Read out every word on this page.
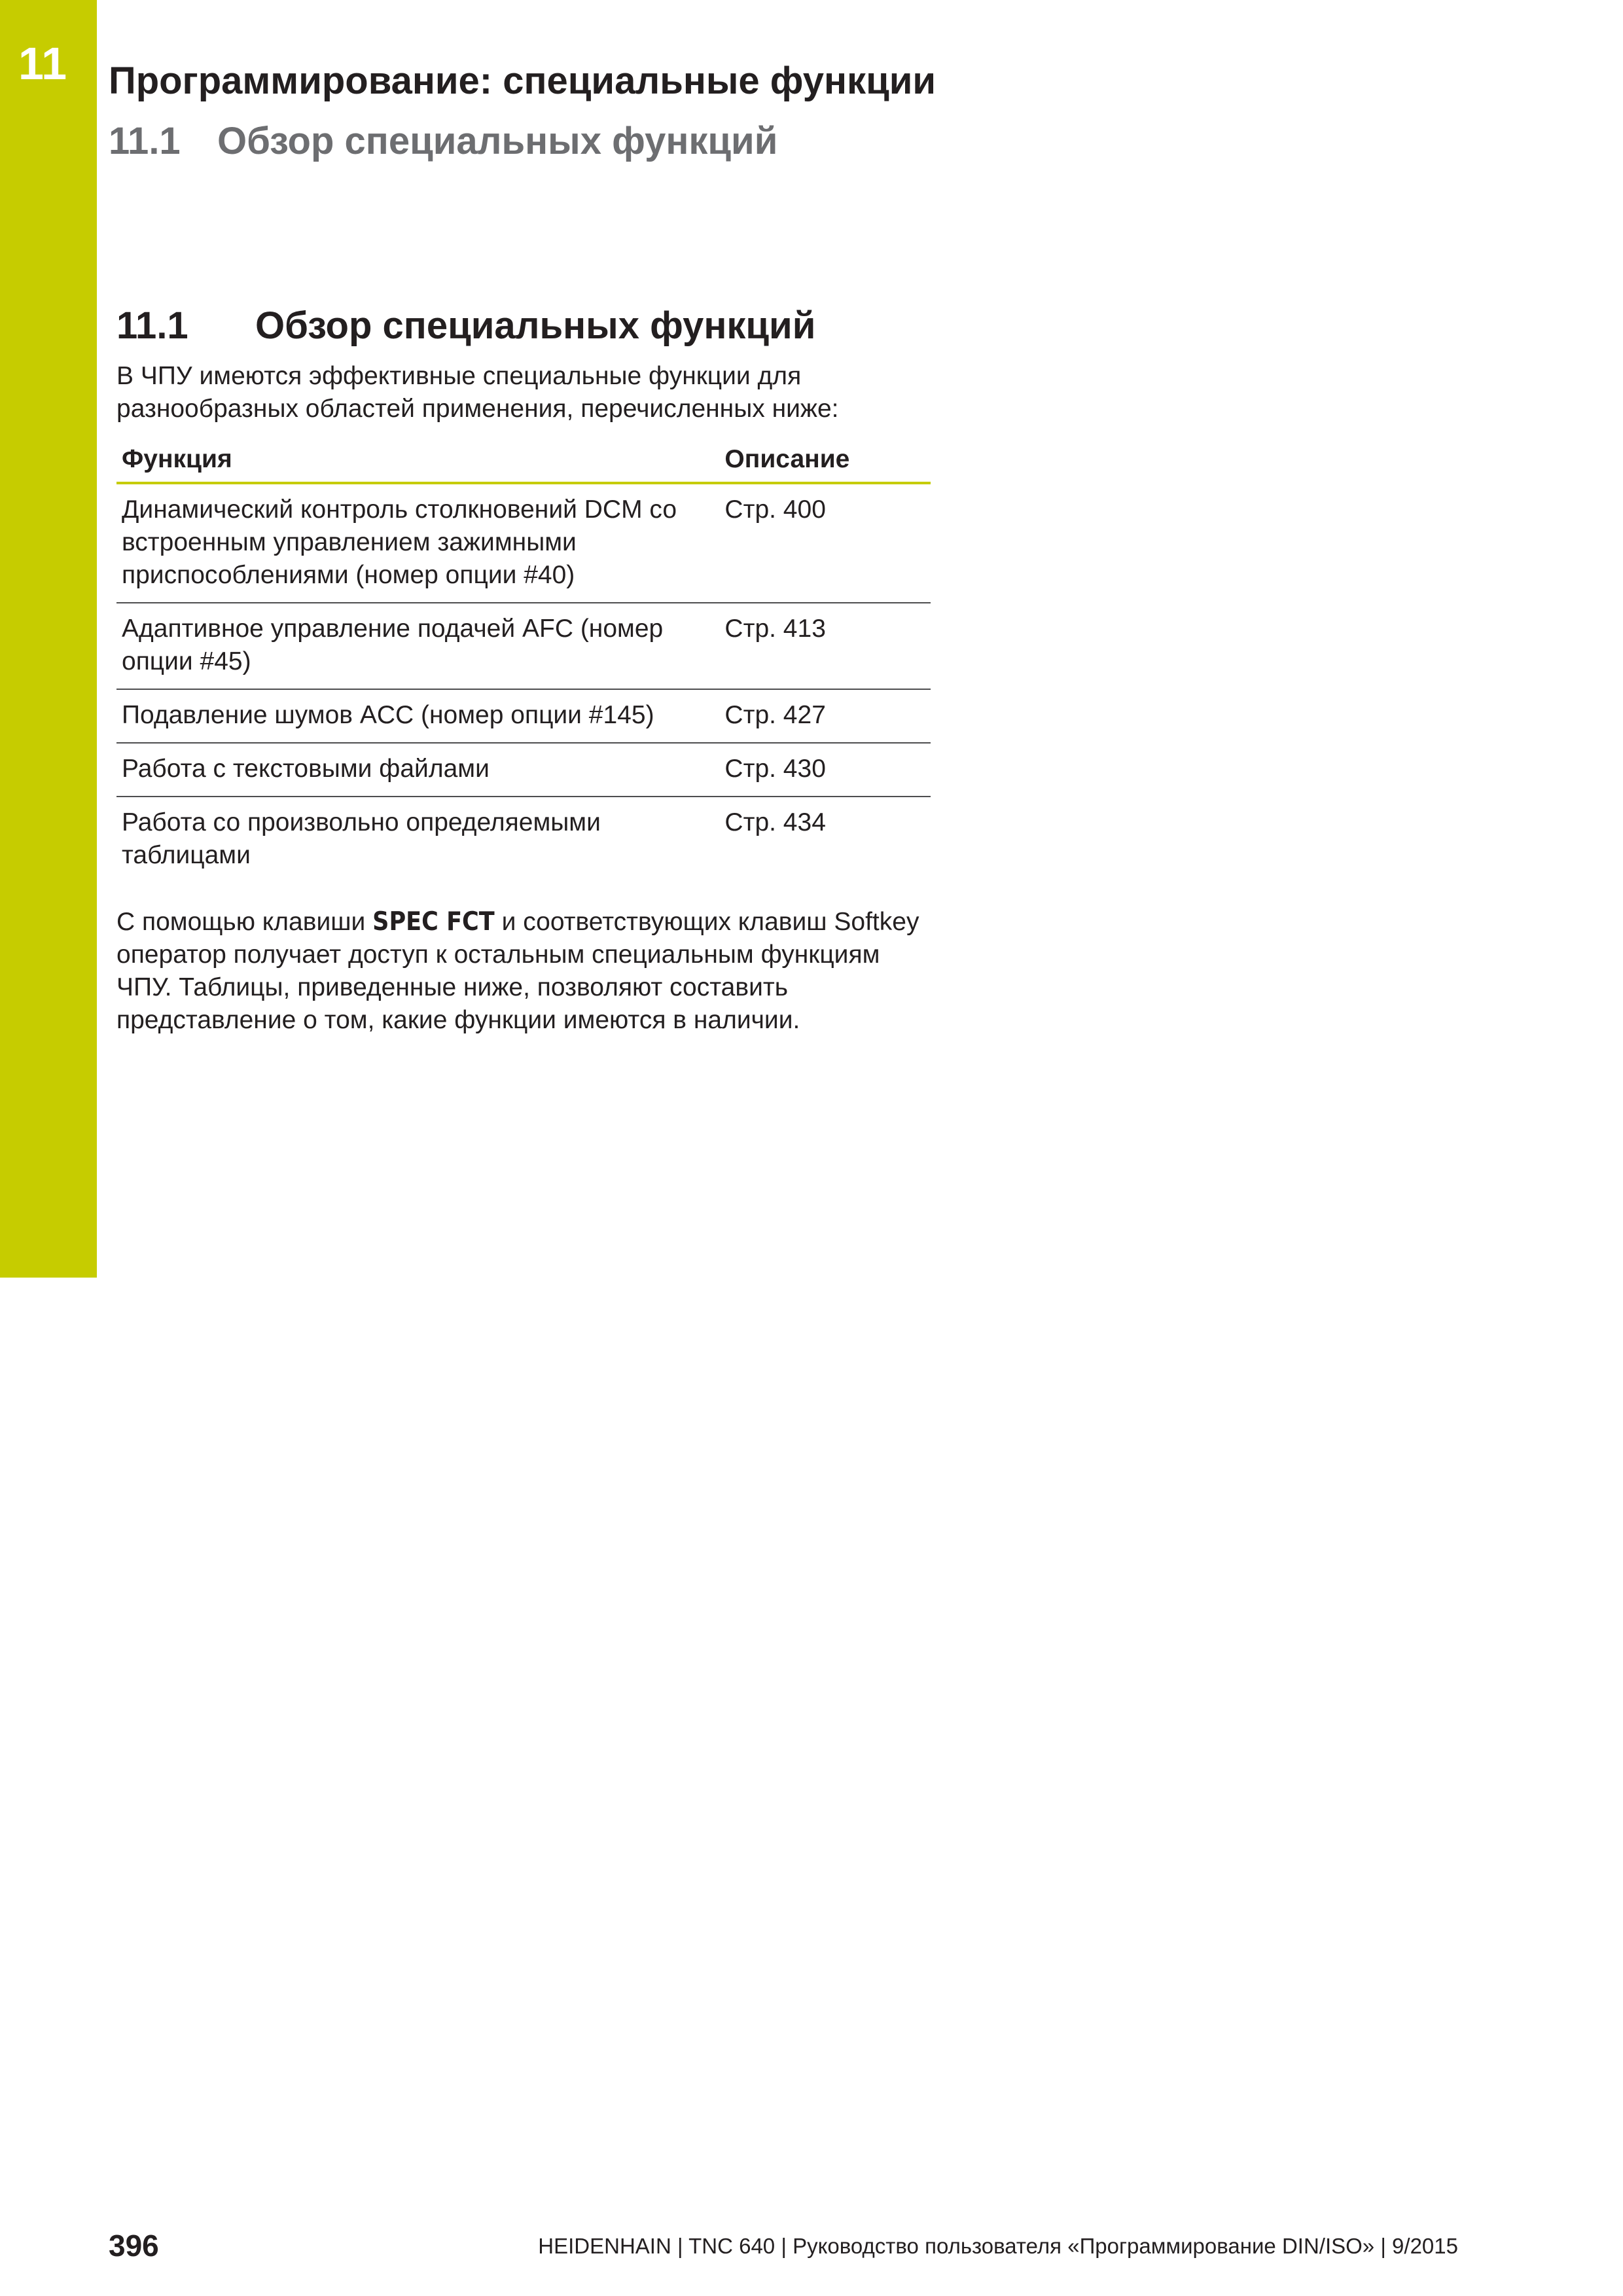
11 Программирование: специальные функции
11.1 Обзор специальных функций
11.1 Обзор специальных функций

В ЧПУ имеются эффективные специальные функции для разнообразных областей применения, перечисленных ниже:

Функция	Описание
Динамический контроль столкновений DCM со встроенным управлением зажимными приспособлениями (номер опции #40)	Стр. 400
Адаптивное управление подачей AFC (номер опции #45)	Стр. 413
Подавление шумов ACC (номер опции #145)	Стр. 427
Работа с текстовыми файлами	Стр. 430
Работа со произвольно определяемыми таблицами	Стр. 434

С помощью клавиши SPEC FCT и соответствующих клавиш Softkey оператор получает доступ к остальным специальным функциям ЧПУ. Таблицы, приведенные ниже, позволяют составить представление о том, какие функции имеются в наличии.

396	HEIDENHAIN | TNC 640 | Руководство пользователя «Программирование DIN/ISO» | 9/2015
